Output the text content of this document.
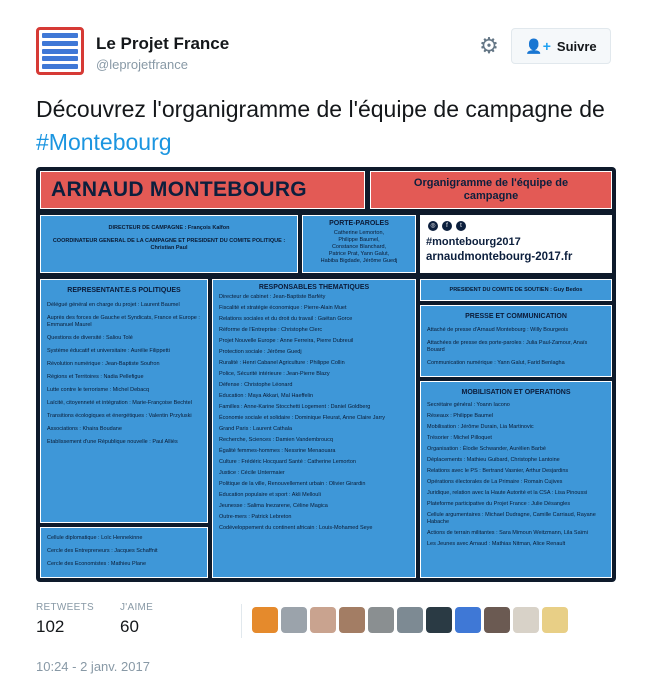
Le Projet France
@leprojetfrance
⚙ 👤+ Suivre
Découvrez l'organigramme de l'équipe de campagne de #Montebourg
ARNAUD MONTEBOURG	Organigramme de l'équipe de campagne
DIRECTEUR DE CAMPAGNE : François Kalfon
COORDINATEUR GENERAL DE LA CAMPAGNE ET PRESIDENT DU COMITE POLITIQUE : Christian Paul
PORTE-PAROLES
Catherine Lemorton,
Philippe Baumel,
Constance Blanchard,
Patrice Prat, Yann Galut,
Habiba Bigdade, Jérôme Guedj
◎	f	t
#montebourg2017
arnaudmontebourg-2017.fr
REPRESENTANT.E.S POLITIQUES
Délégué général en charge du projet : Laurent Baumel
Auprès des forces de Gauche et Syndicats, France et Europe : Emmanuel Maurel
Questions de diversité : Saliou Tolé
Système éducatif et universitaire : Aurélie Filippetti
Révolution numérique : Jean-Baptiste Soufron
Régions et Territoires : Nadia Pellefigue
Lutte contre le terrorisme : Michel Debacq
Laïcité, citoyenneté et intégration : Marie-Françoise Bechtel
Transitions écologiques et énergétiques : Valentin Przyluski
Associations : Khaira Boudane
Etablissement d'une République nouvelle : Paul Alliès
Cellule diplomatique : Loïc Hennekinne
Cercle des Entrepreneurs : Jacques Schaffnit
Cercle des Economistes : Mathieu Plane
RESPONSABLES THEMATIQUES
Directeur de cabinet : Jean-Baptiste Barféty
Fiscalité et stratégie économique : Pierre-Alain Muet
Relations sociales et du droit du travail : Gaëtan Gorce
Réforme de l'Entreprise : Christophe Clerc
Projet Nouvelle Europe : Anne Ferreira, Pierre Dubreuil
Protection sociale : Jérôme Guedj
Ruralité : Henri Cabanel Agriculture : Philippe Collin
Police, Sécurité intérieure : Jean-Pierre Blazy
Défense : Christophe Léonard
Education : Maya Akkari, Mal Haeffelin
Familles : Anne-Karine Stocchetti Logement : Daniel Goldberg
Économie sociale et solidaire : Dominique Fleurat, Anne Claire Jarry
Grand Paris : Laurent Cathala
Recherche, Sciences : Damien Vandembroucq
Égalité femmes-hommes : Nessrine Menaouara
Culture : Frédéric Hocquard Santé : Catherine Lemorton
Justice : Cécile Untermaier
Politique de la ville, Renouvellement urbain : Olivier Girardin
Education populaire et sport : Akli Mellouli
Jeunesse : Salima Inezarene, Céline Magica
Outre-mers : Patrick Lebreton
Codéveloppement du continent africain : Louis-Mohamed Seye
PRESIDENT DU COMITE DE SOUTIEN : Guy Bedos
PRESSE ET COMMUNICATION
Attaché de presse d'Arnaud Montebourg : Willy Bourgeois
Attachées de presse des porte-paroles : Julia Paul-Zamour, Anaïs Bouard
Communication numérique : Yann Galut, Farid Benlagha
MOBILISATION ET OPERATIONS
Secrétaire général : Yoann Iacono
Réseaux : Philippe Baumel
Mobilisation : Jérôme Durain, Lia Martinovic
Trésorier : Michel Pilloquet
Organisation : Élodie Schwander, Aurélien Barbé
Déplacements : Mathieu Guibard, Christophe Lantoine
Relations avec le PS : Bertrand Vasnier, Arthur Desjardins
Opérations électorales de La Primaire : Romain Cujives
Juridique, relation avec la Haute Autorité et la CSA : Lisa Pinoussi
Plateforme participative du Projet France : Julie Désangles
Cellule argumentaires : Michael Dudragne, Camille Carriaud, Rayane Habache
Actions de terrain militantes : Sara Mimoun Weitzmann, Lila Saïmi
Les Jeunes avec Arnaud : Mathias Nitman, Alice Renault
RETWEETS
102
J'AIME
60
10:24 - 2 janv. 2017
